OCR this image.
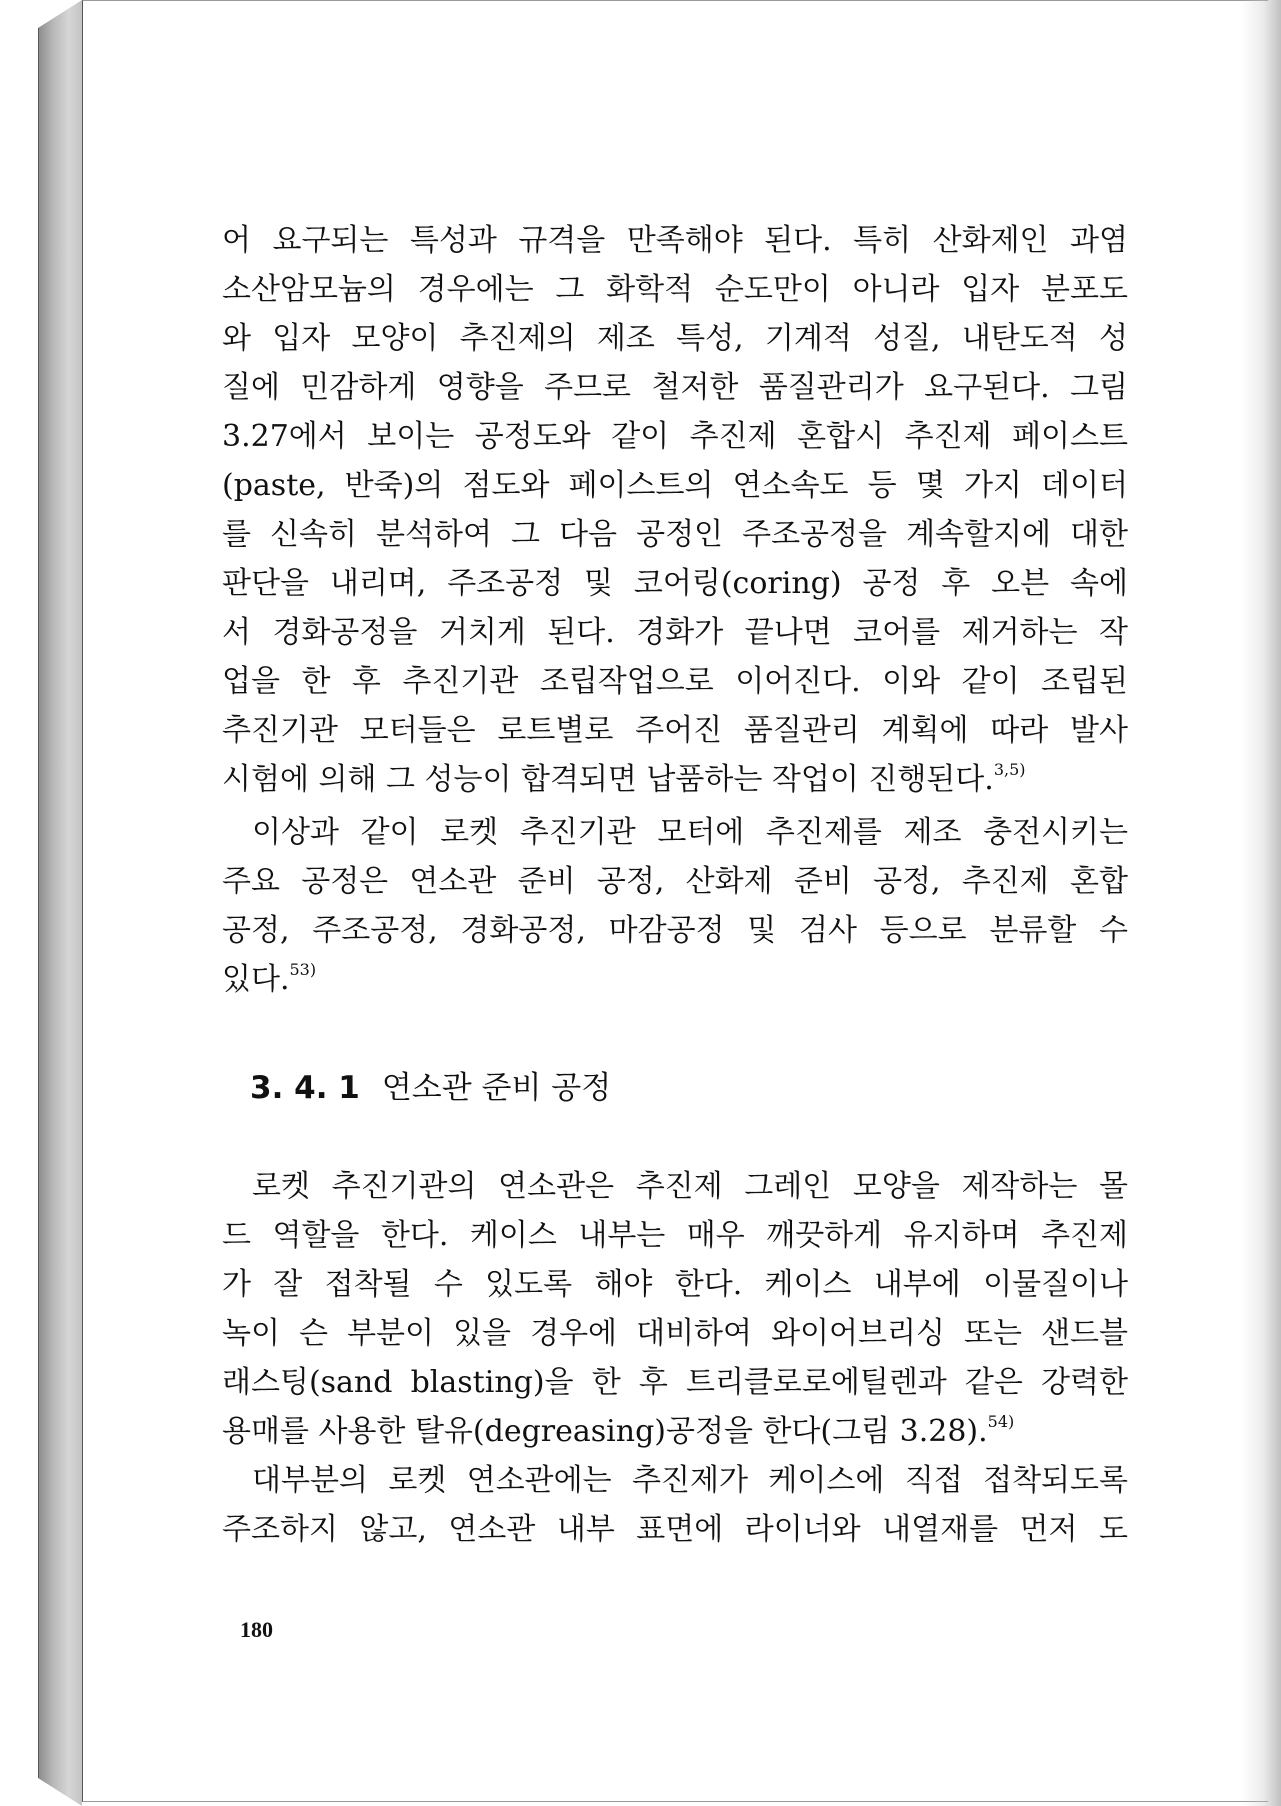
어 요구되는 특성과 규격을 만족해야 된다. 특히 산화제인 과염
소산암모늄의 경우에는 그 화학적 순도만이 아니라 입자 분포도
와 입자 모양이 추진제의 제조 특성, 기계적 성질, 내탄도적 성
질에 민감하게 영향을 주므로 철저한 품질관리가 요구된다. 그림
3.27에서 보이는 공정도와 같이 추진제 혼합시 추진제 페이스트
(paste, 반죽)의 점도와 페이스트의 연소속도 등 몇 가지 데이터
를 신속히 분석하여 그 다음 공정인 주조공정을 계속할지에 대한
판단을 내리며, 주조공정 및 코어링(coring) 공정 후 오븐 속에
서 경화공정을 거치게 된다. 경화가 끝나면 코어를 제거하는 작
업을 한 후 추진기관 조립작업으로 이어진다. 이와 같이 조립된
추진기관 모터들은 로트별로 주어진 품질관리 계획에 따라 발사
시험에 의해 그 성능이 합격되면 납품하는 작업이 진행된다.$^{3,5)}$
이상과 같이 로켓 추진기관 모터에 추진제를 제조 충전시키는
주요 공정은 연소관 준비 공정, 산화제 준비 공정, 추진제 혼합
공정, 주조공정, 경화공정, 마감공정 및 검사 등으로 분류할 수
있다.$^{53)}$
3. 4. 1 연소관 준비 공정
로켓 추진기관의 연소관은 추진제 그레인 모양을 제작하는 몰
드 역할을 한다. 케이스 내부는 매우 깨끗하게 유지하며 추진제
가 잘 접착될 수 있도록 해야 한다. 케이스 내부에 이물질이나
녹이 슨 부분이 있을 경우에 대비하여 와이어브리싱 또는 샌드블
래스팅(sand blasting)을 한 후 트리클로로에틸렌과 같은 강력한
용매를 사용한 탈유(degreasing)공정을 한다(그림 3.28).$^{54)}$
대부분의 로켓 연소관에는 추진제가 케이스에 직접 접착되도록
주조하지 않고, 연소관 내부 표면에 라이너와 내열재를 먼저 도
180
